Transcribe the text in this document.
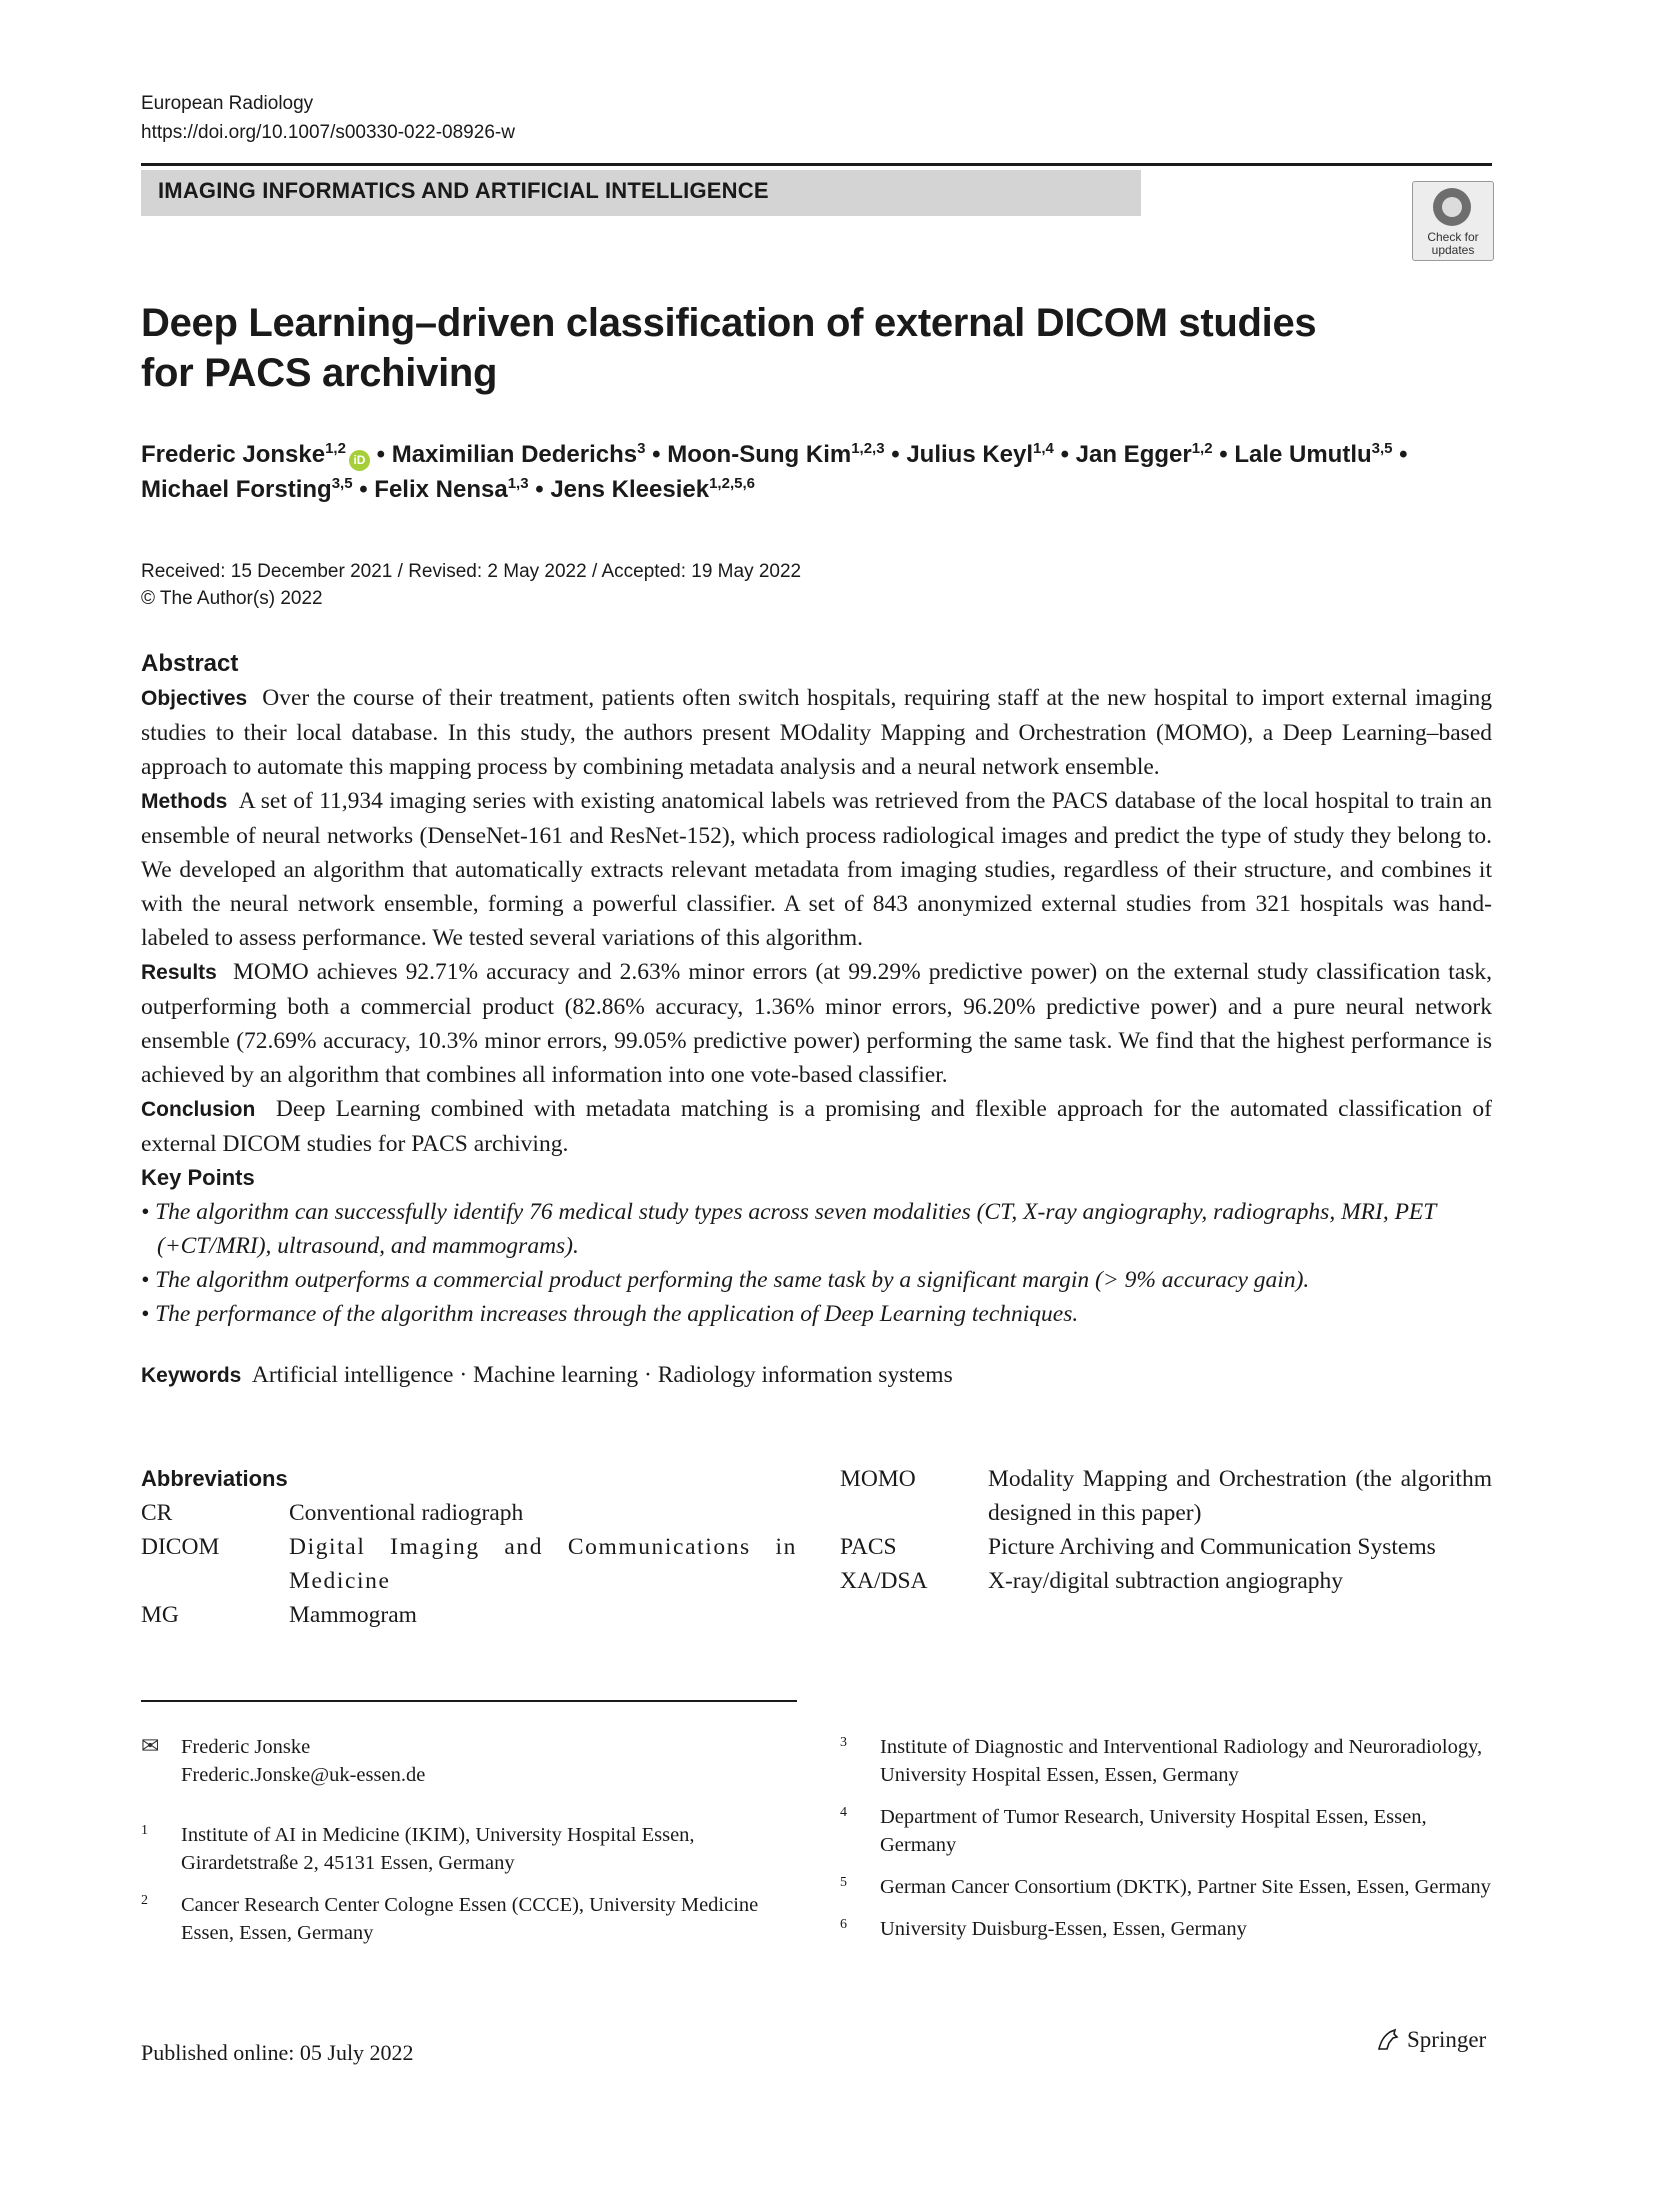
European Radiology
https://doi.org/10.1007/s00330-022-08926-w
IMAGING INFORMATICS AND ARTIFICIAL INTELLIGENCE
Check for
updates
Deep Learning–driven classification of external DICOM studies
for PACS archiving
Frederic Jonske$^{1,2}$iD • Maximilian Dederichs$^3$ • Moon-Sung Kim$^{1,2,3}$ • Julius Keyl$^{1,4}$ • Jan Egger$^{1,2}$ • Lale Umutlu$^{3,5}$ •
Michael Forsting$^{3,5}$ • Felix Nensa$^{1,3}$ • Jens Kleesiek$^{1,2,5,6}$
Received: 15 December 2021 / Revised: 2 May 2022 / Accepted: 19 May 2022
© The Author(s) 2022
Abstract
Objectives Over the course of their treatment, patients often switch hospitals, requiring staff at the new hospital to import external imaging studies to their local database. In this study, the authors present MOdality Mapping and Orchestration (MOMO), a Deep Learning–based approach to automate this mapping process by combining metadata analysis and a neural network ensemble.
Methods A set of 11,934 imaging series with existing anatomical labels was retrieved from the PACS database of the local hospital to train an ensemble of neural networks (DenseNet-161 and ResNet-152), which process radiological images and predict the type of study they belong to. We developed an algorithm that automatically extracts relevant metadata from imaging studies, regardless of their structure, and combines it with the neural network ensemble, forming a powerful classifier. A set of 843 anonymized external studies from 321 hospitals was hand-labeled to assess performance. We tested several variations of this algorithm.
Results MOMO achieves 92.71% accuracy and 2.63% minor errors (at 99.29% predictive power) on the external study classification task, outperforming both a commercial product (82.86% accuracy, 1.36% minor errors, 96.20% predictive power) and a pure neural network ensemble (72.69% accuracy, 10.3% minor errors, 99.05% predictive power) performing the same task. We find that the highest performance is achieved by an algorithm that combines all information into one vote-based classifier.
Conclusion Deep Learning combined with metadata matching is a promising and flexible approach for the automated classification of external DICOM studies for PACS archiving.
Key Points
• The algorithm can successfully identify 76 medical study types across seven modalities (CT, X-ray angiography, radiographs, MRI, PET (+CT/MRI), ultrasound, and mammograms).
• The algorithm outperforms a commercial product performing the same task by a significant margin (> 9% accuracy gain).
• The performance of the algorithm increases through the application of Deep Learning techniques.
Keywords Artificial intelligence · Machine learning · Radiology information systems
Abbreviations
CR	Conventional radiograph
DICOM	Digital Imaging and Communications in Medicine
MG	Mammogram
MOMO	Modality Mapping and Orchestration (the algorithm designed in this paper)
PACS	Picture Archiving and Communication Systems
XA/DSA	X-ray/digital subtraction angiography
✉	Frederic Jonske
Frederic.Jonske@uk-essen.de
1	Institute of AI in Medicine (IKIM), University Hospital Essen, Girardetstraße 2, 45131 Essen, Germany
2	Cancer Research Center Cologne Essen (CCCE), University Medicine Essen, Essen, Germany
3	Institute of Diagnostic and Interventional Radiology and Neuroradiology, University Hospital Essen, Essen, Germany
4	Department of Tumor Research, University Hospital Essen, Essen, Germany
5	German Cancer Consortium (DKTK), Partner Site Essen, Essen, Germany
6	University Duisburg-Essen, Essen, Germany
Published online: 05 July 2022
Springer
